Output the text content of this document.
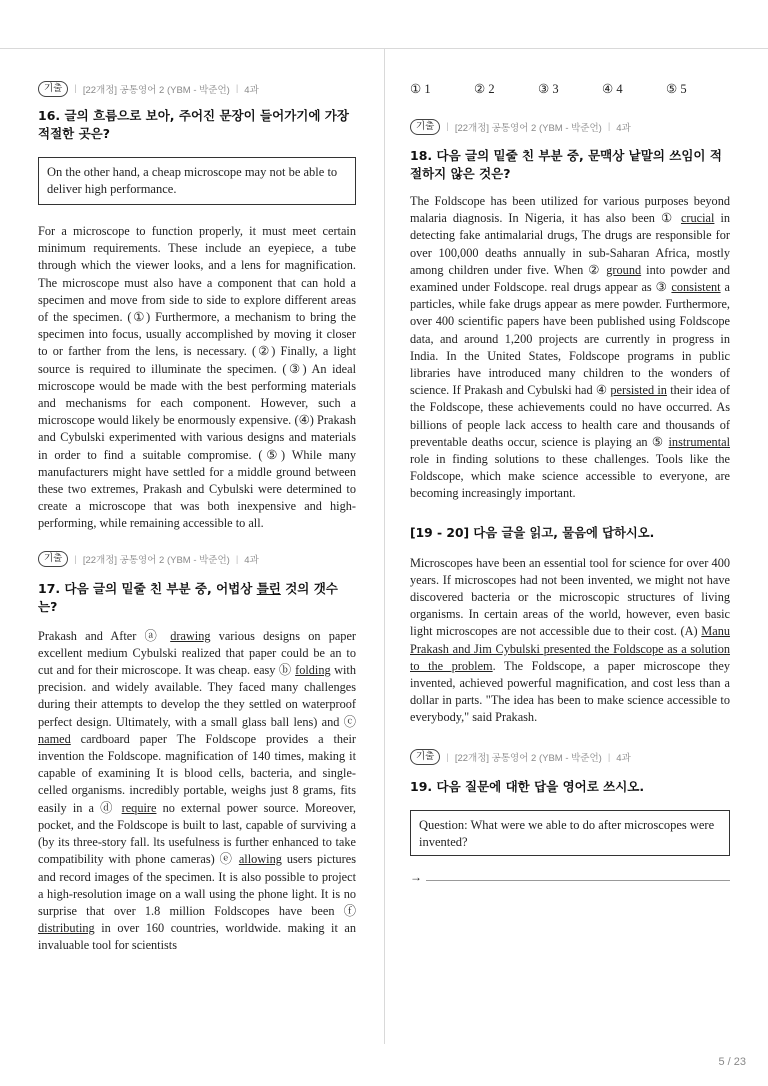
기출	| [22개정] 공통영어 2 (YBM - 박준언) | 4과
16. 글의 흐름으로 보아, 주어진 문장이 들어가기에 가장 적절한 곳은?
On the other hand, a cheap microscope may not be able to deliver high performance.

For a microscope to function properly, it must meet certain minimum requirements. These include an eyepiece, a tube through which the viewer looks, and a lens for magnification. The microscope must also have a component that can hold a specimen and move from side to side to explore different areas of the specimen. (①) Furthermore, a mechanism to bring the specimen into focus, usually accomplished by moving it closer to or farther from the lens, is necessary. (②) Finally, a light source is required to illuminate the specimen. (③) An ideal microscope would be made with the best performing materials and mechanisms for each component. However, such a microscope would likely be enormously expensive. (④) Prakash and Cybulski experimented with various designs and materials in order to find a suitable compromise. (⑤) While many manufacturers might have settled for a middle ground between these two extremes, Prakash and Cybulski were determined to create a microscope that was both inexpensive and high-performing, while remaining accessible to all.

기출	| [22개정] 공통영어 2 (YBM - 박준언) | 4과
17. 다음 글의 밑줄 친 부분 중, 어법상 틀린 것의 갯수는?

Prakash and After ⓐ drawing various designs on paper excellent medium Cybulski realized that paper could be an to cut and for their microscope. It was cheap. easy ⓑ folding with precision. and widely available. They faced many challenges during their attempts to develop the they settled on waterproof perfect design. Ultimately, with a small glass ball lens) and ⓒ named cardboard paper The Foldscope provides a their invention the Foldscope. magnification of 140 times, making it capable of examining It is blood cells, bacteria, and single-celled organisms. incredibly portable, weighs just 8 grams, fits easily in a ⓓ require no external power source. Moreover, pocket, and the Foldscope is built to last, capable of surviving a (by its three-story fall. lts usefulness is further enhanced to take compatibility with phone cameras) ⓔ allowing users pictures and record images of the specimen. It is also possible to project a high-resolution image on a wall using the phone light. It is no surprise that over 1.8 million Foldscopes have been ⓕ distributing in over 160 countries, worldwide. making it an invaluable tool for scientists

① 1	② 2	③ 3	④ 4	⑤ 5
기출	| [22개정] 공통영어 2 (YBM - 박준언) | 4과
18. 다음 글의 밑줄 친 부분 중, 문맥상 낱말의 쓰임이 적절하지 않은 것은?

The Foldscope has been utilized for various purposes beyond malaria diagnosis. In Nigeria, it has also been ① crucial in detecting fake antimalarial drugs, The drugs are responsible for over 100,000 deaths annually in sub-Saharan Africa, mostly among children under five. When ② ground into powder and examined under Foldscope. real drugs appear as ③ consistent a particles, while fake drugs appear as mere powder. Furthermore, over 400 scientific papers have been published using Foldscope data, and around 1,200 projects are currently in progress in India. In the United States, Foldscope programs in public libraries have introduced many children to the wonders of science. If Prakash and Cybulski had ④ persisted in their idea of the Foldscope, these achievements could no have occurred. As billions of people lack access to health care and thousands of preventable deaths occur, science is playing an ⑤ instrumental role in finding solutions to these challenges. Tools like the Foldscope, which make science accessible to everyone, are becoming increasingly important.

[19 - 20] 다음 글을 읽고, 물음에 답하시오.

Microscopes have been an essential tool for science for over 400 years. If microscopes had not been invented, we might not have discovered bacteria or the microscopic structures of living organisms. In certain areas of the world, however, even basic light microscopes are not accessible due to their cost. (A) Manu Prakash and Jim Cybulski presented the Foldscope as a solution to the problem. The Foldscope, a paper microscope they invented, achieved powerful magnification, and cost less than a dollar in parts. "The idea has been to make science accessible to everybody," said Prakash.

기출	| [22개정] 공통영어 2 (YBM - 박준언) | 4과
19. 다음 질문에 대한 답을 영어로 쓰시오.
Question: What were we able to do after microscopes were invented?
→
5 / 23
